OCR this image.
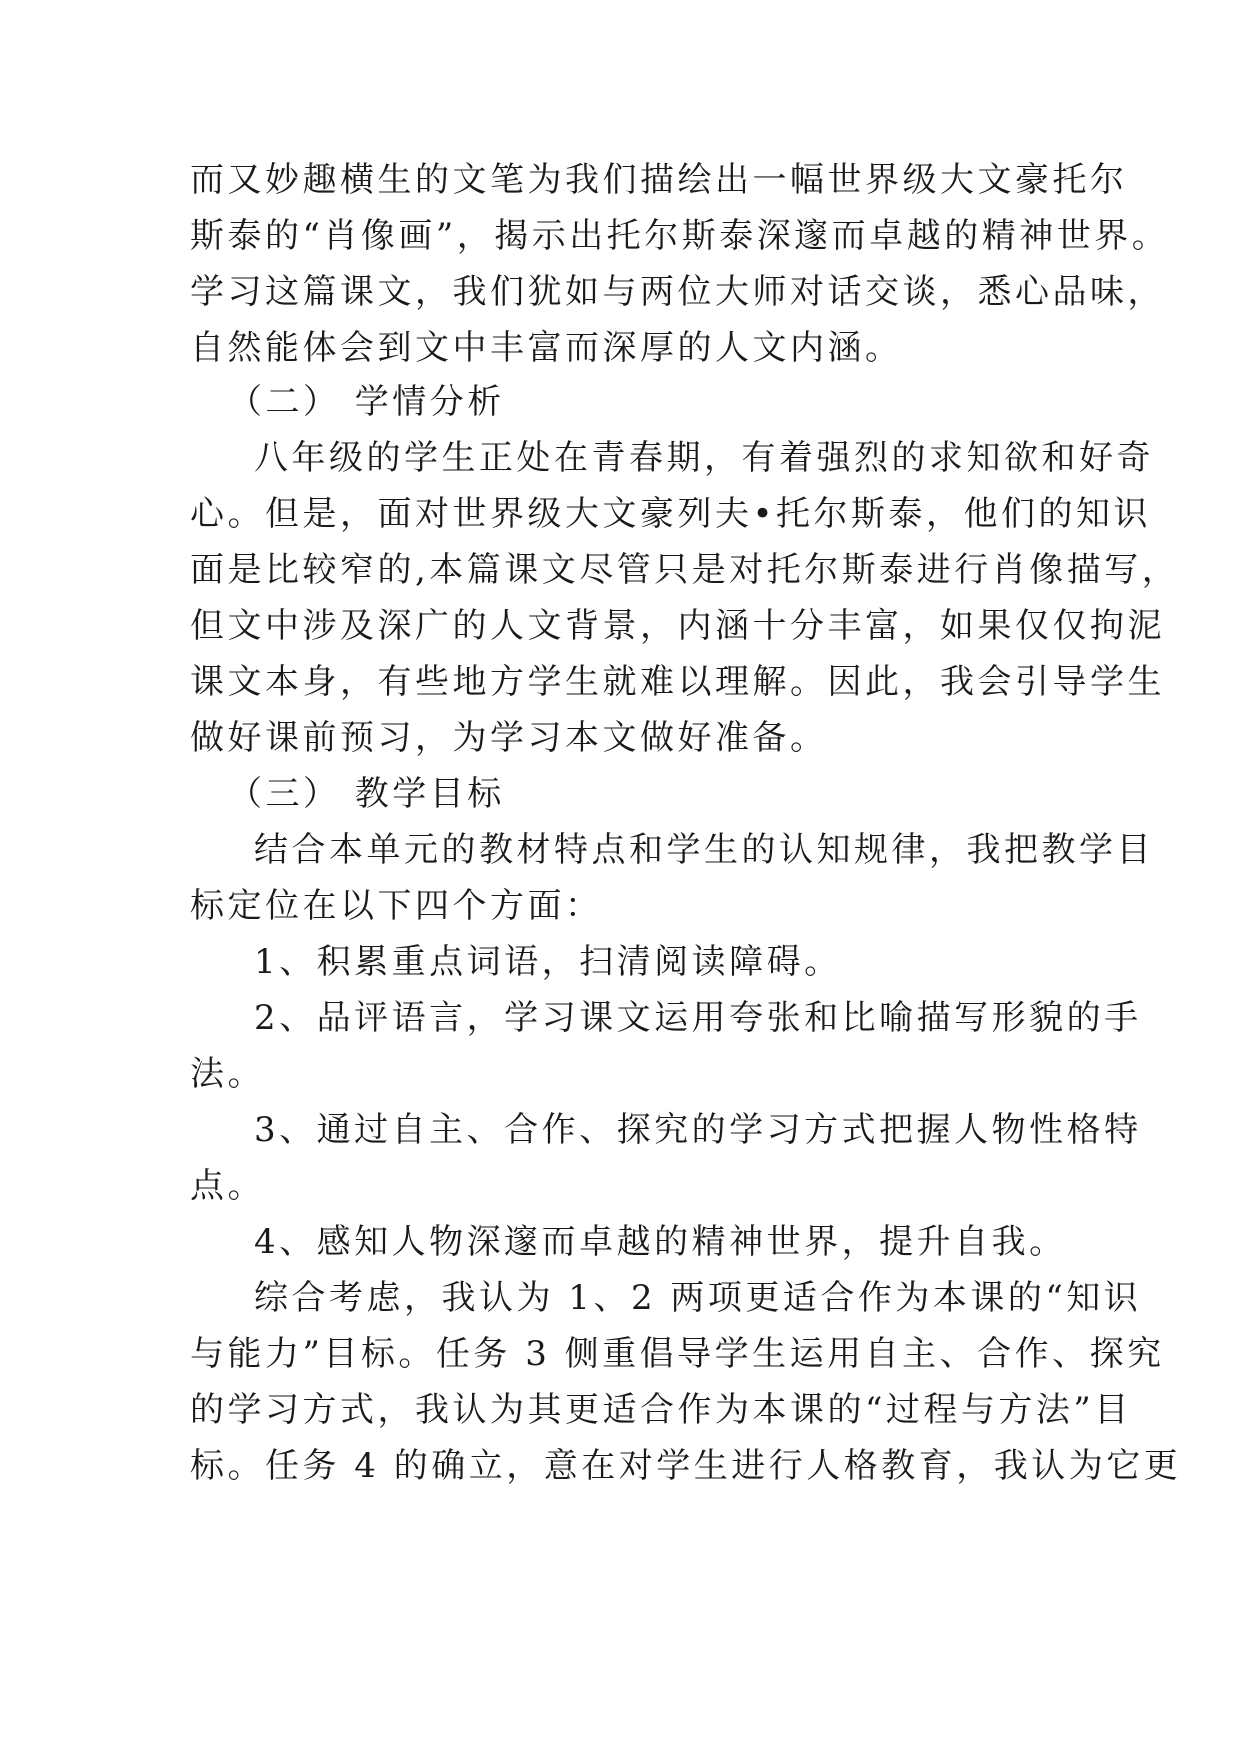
而又妙趣横生的文笔为我们描绘出一幅世界级大文豪托尔
斯泰的“肖像画”，揭示出托尔斯泰深邃而卓越的精神世界。
学习这篇课文，我们犹如与两位大师对话交谈，悉心品味，
自然能体会到文中丰富而深厚的人文内涵。
（二） 学情分析
八年级的学生正处在青春期，有着强烈的求知欲和好奇
心。但是，面对世界级大文豪列夫•托尔斯泰，他们的知识
面是比较窄的,本篇课文尽管只是对托尔斯泰进行肖像描写，
但文中涉及深广的人文背景，内涵十分丰富，如果仅仅拘泥
课文本身，有些地方学生就难以理解。因此，我会引导学生
做好课前预习，为学习本文做好准备。
（三） 教学目标
结合本单元的教材特点和学生的认知规律，我把教学目
标定位在以下四个方面：
1、积累重点词语，扫清阅读障碍。
2、品评语言，学习课文运用夸张和比喻描写形貌的手
法。
3、通过自主、合作、探究的学习方式把握人物性格特
点。
4、感知人物深邃而卓越的精神世界，提升自我。
综合考虑，我认为 1、2 两项更适合作为本课的“知识
与能力”目标。任务 3 侧重倡导学生运用自主、合作、探究
的学习方式，我认为其更适合作为本课的“过程与方法”目
标。任务 4 的确立，意在对学生进行人格教育，我认为它更
